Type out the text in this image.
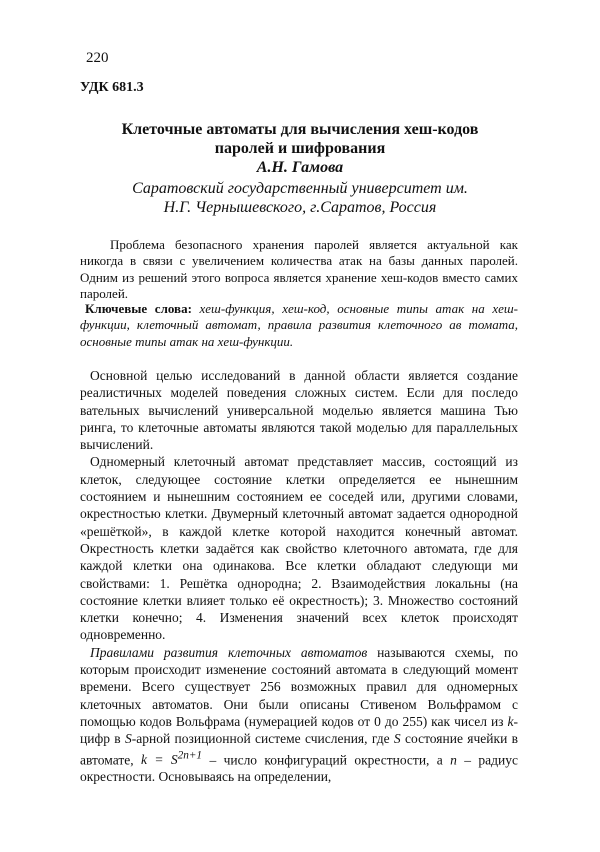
220
УДК 681.3
Клеточные автоматы для вычисления хеш-кодов
паролей и шифрования
А.Н. Гамова
Саратовский государственный университет им.
Н.Г. Чернышевского, г.Саратов, Россия

Проблема безопасного хранения паролей является актуальной как никогда в связи с увеличением количества атак на базы данных паролей. Одним из решений этого вопроса является хранение хеш-кодов вместо самих паролей.

Ключевые слова: хеш-функция, хеш-код, основные типы атак на хеш-функции, клеточный автомат, правила развития клеточного ав томата, основные типы атак на хеш-функции.

Основной целью исследований в данной области является создание реалистичных моделей поведения сложных систем. Если для последо вательных вычислений универсальной моделью является машина Тью ринга, то клеточные автоматы являются такой моделью для параллельных вычислений.

Одномерный клеточный автомат представляет массив, состоящий из клеток, следующее состояние клетки определяется ее нынешним состоянием и нынешним состоянием ее соседей или, другими словами, окрестностью клетки. Двумерный клеточный автомат задается однородной «решёткой», в каждой клетке которой находится конечный автомат. Окрестность клетки задаётся как свойство клеточного автомата, где для каждой клетки она одинакова. Все клетки обладают следующи ми свойствами: 1. Решётка однородна; 2. Взаимодействия локальны (на состояние клетки влияет только её окрестность); 3. Множество состояний клетки конечно; 4. Изменения значений всех клеток происходят одновременно.

Правилами развития клеточных автоматов называются схемы, по которым происходит изменение состояний автомата в следующий момент времени. Всего существует 256 возможных правил для одномерных клеточных автоматов. Они были описаны Стивеном Вольфрамом с помощью кодов Вольфрама (нумерацией кодов от 0 до 255) как чисел из k-цифр в S-арной позиционной системе счисления, где S состояние ячейки в автомате, $k = S^{2n+1}$ – число конфигураций окрестности, а n – радиус окрестности. Основываясь на определении,
